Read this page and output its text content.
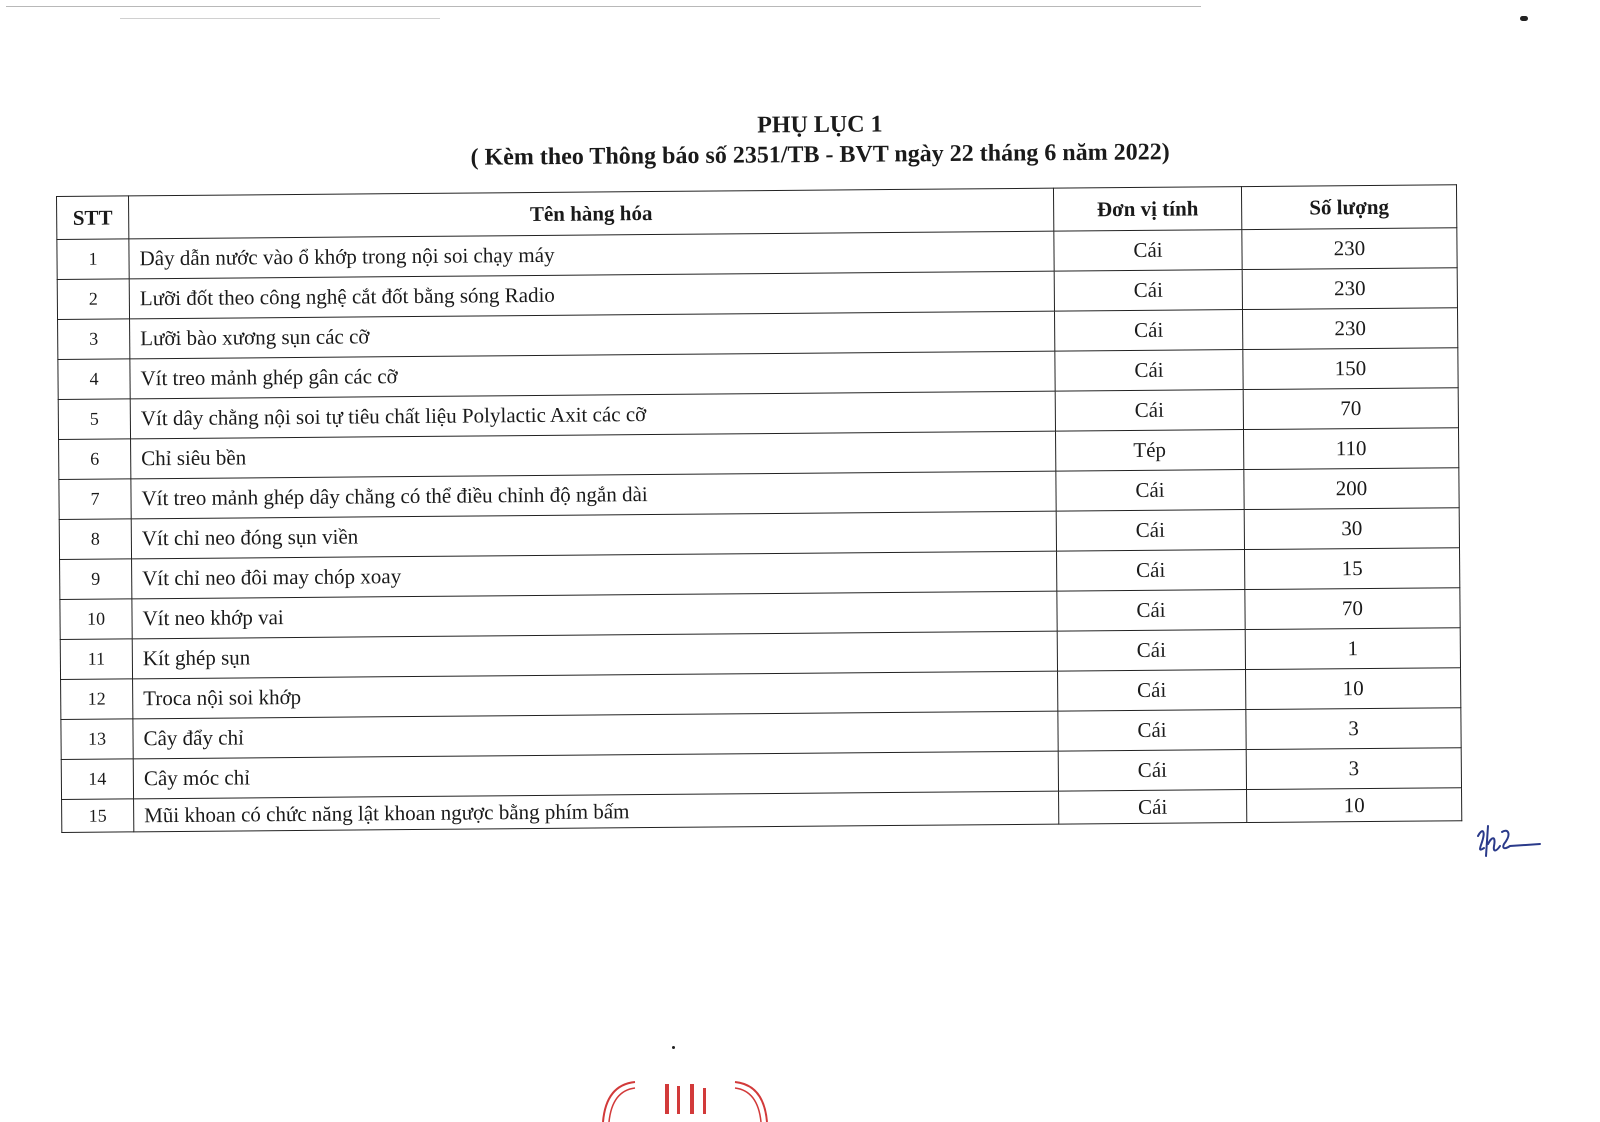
PHỤ LỤC 1
( Kèm theo Thông báo số 2351/TB - BVT ngày 22 tháng 6 năm 2022)
STT	Tên hàng hóa	Đơn vị tính	Số lượng
1	Dây dẫn nước vào ổ khớp trong nội soi chạy máy	Cái	230
2	Lưỡi đốt theo công nghệ cắt đốt bằng sóng Radio	Cái	230
3	Lưỡi bào xương sụn các cỡ	Cái	230
4	Vít treo mảnh ghép gân các cỡ	Cái	150
5	Vít dây chằng nội soi tự tiêu chất liệu Polylactic Axit các cỡ	Cái	70
6	Chỉ siêu bền	Tép	110
7	Vít treo mảnh ghép dây chằng có thể điều chỉnh độ ngắn dài	Cái	200
8	Vít chỉ neo đóng sụn viền	Cái	30
9	Vít chỉ neo đôi may chóp xoay	Cái	15
10	Vít neo khớp vai	Cái	70
11	Kít ghép sụn	Cái	1
12	Troca nội soi khớp	Cái	10
13	Cây đẩy chỉ	Cái	3
14	Cây móc chỉ	Cái	3
15	Mũi khoan có chức năng lật khoan ngược bằng phím bấm	Cái	10
